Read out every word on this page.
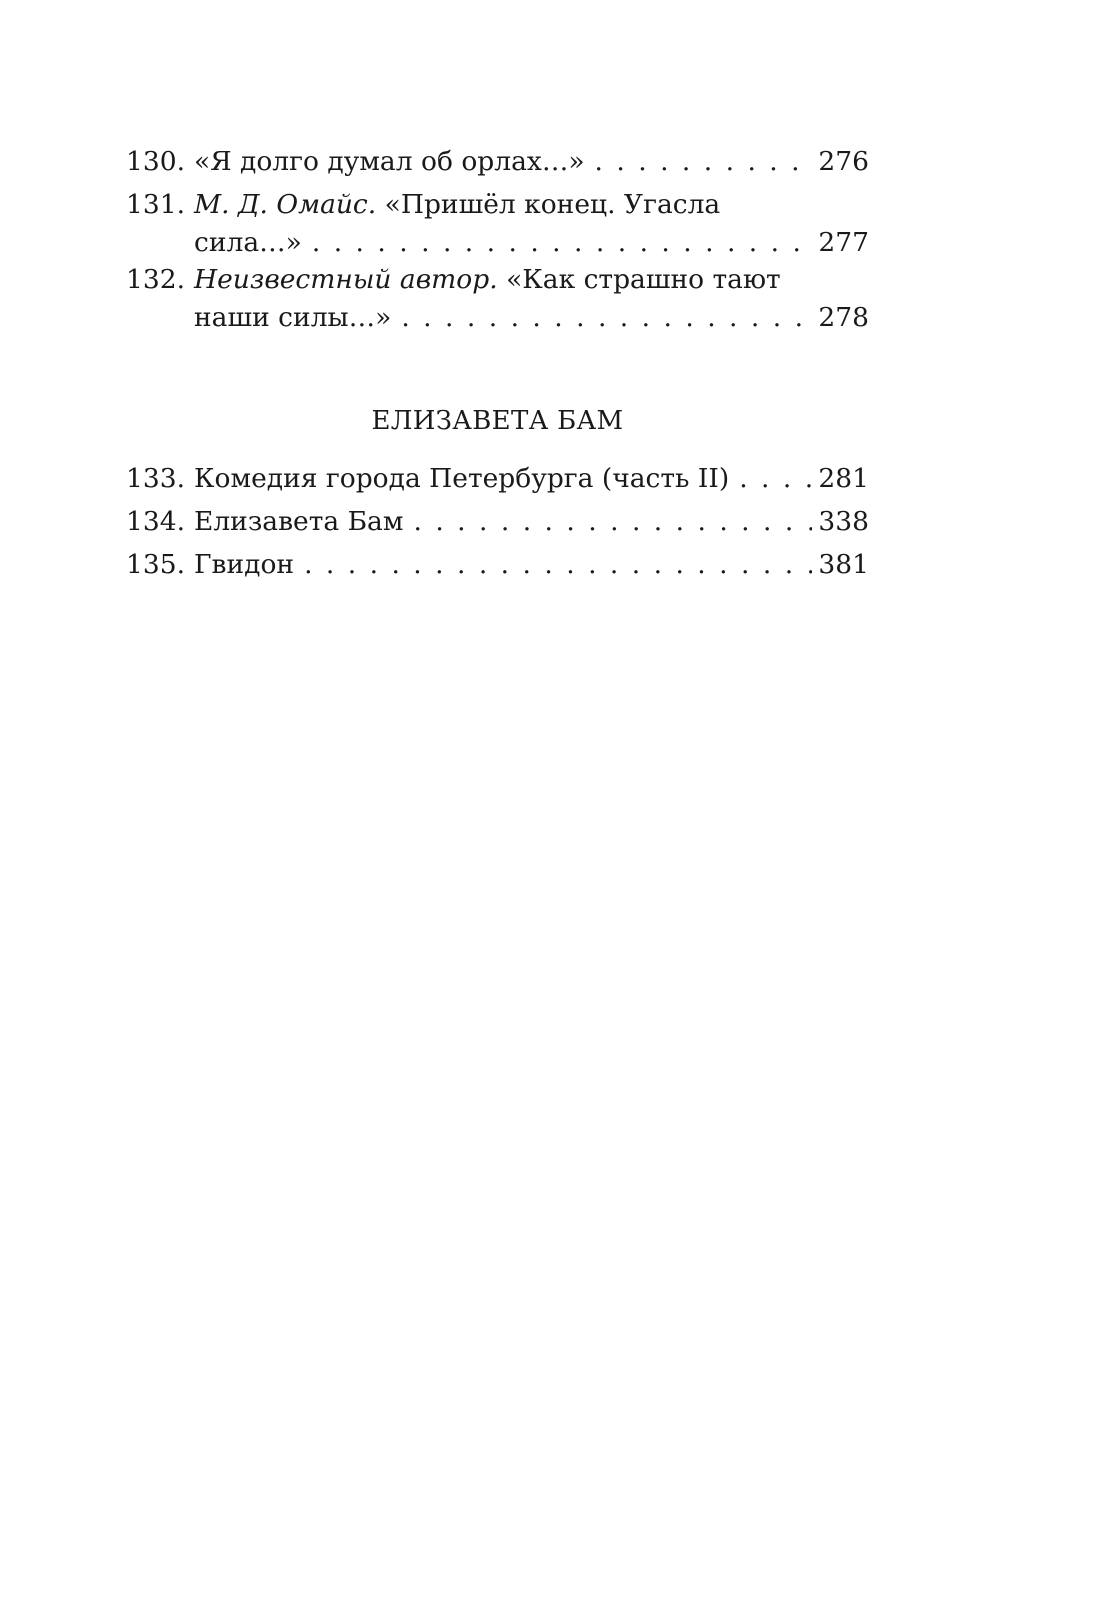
130. «Я долго думал об орлах…» . . .	276
131. М. Д. Омайс.
«Пришёл конец. Угасла
сила…» . . .	277
132. Неизвестный автор.
«Как страшно тают
наши силы…» . . .	278
ЕЛИЗАВЕТА БАМ
133. Комедия города Петербурга (часть II) . . .	281
134. Елизавета Бам . . .	338
135. Гвидон . . .	381
